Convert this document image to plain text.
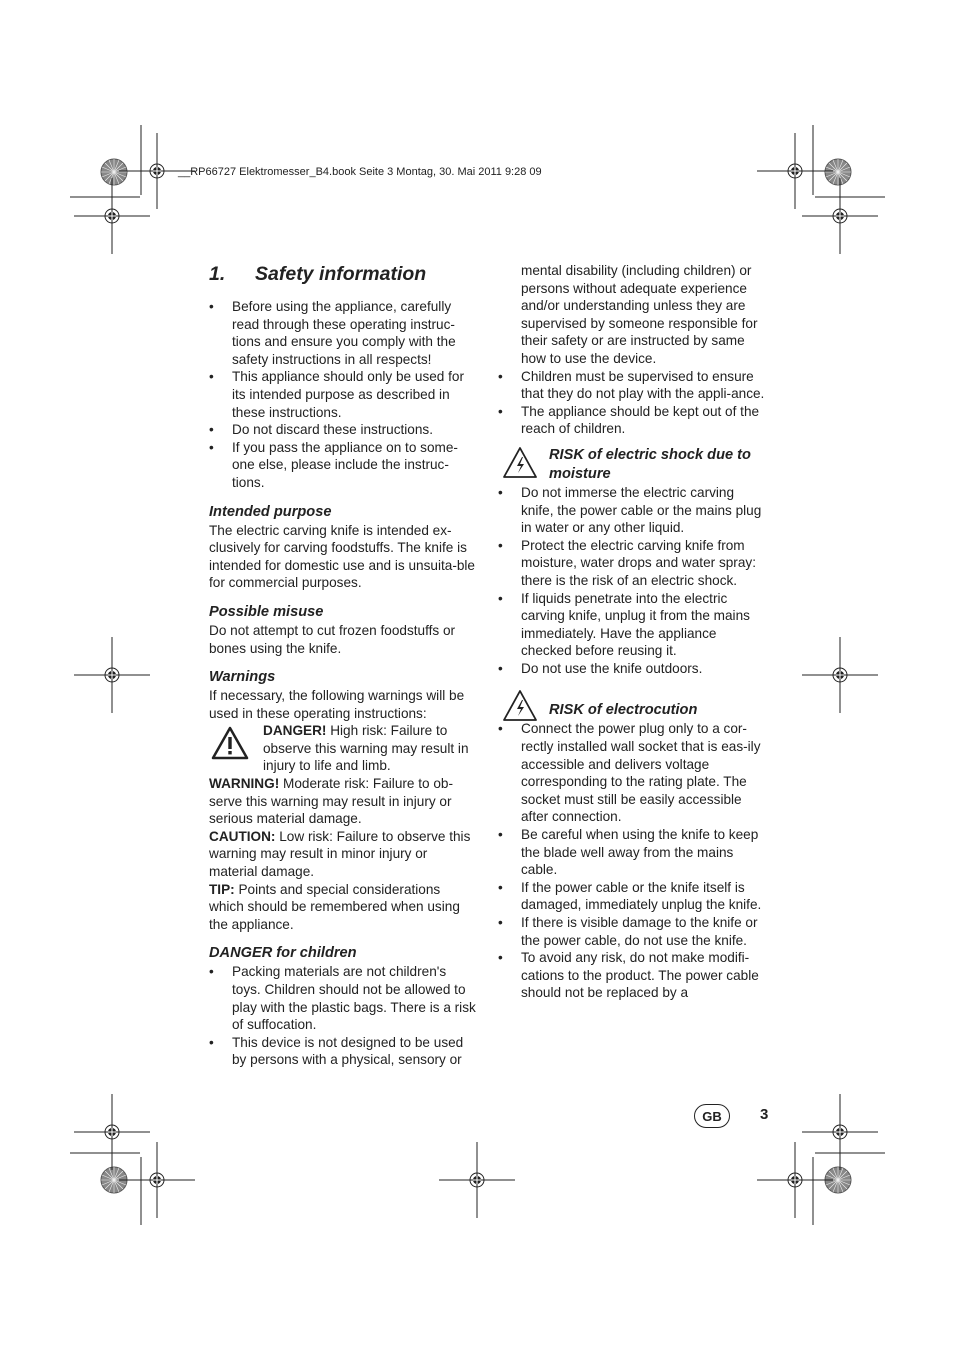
__RP66727 Elektromesser_B4.book Seite 3 Montag, 30. Mai 2011 9:28 09
1. Safety information
• Before using the appliance, carefully read through these operating instruc-tions and ensure you comply with the safety instructions in all respects!
• This appliance should only be used for its intended purpose as described in these instructions.
• Do not discard these instructions.
• If you pass the appliance on to some-one else, please include the instruc-tions.
Intended purpose

The electric carving knife is intended ex-clusively for carving foodstuffs. The knife is intended for domestic use and is unsuita-ble for commercial purposes.

Possible misuse

Do not attempt to cut frozen foodstuffs or bones using the knife.

Warnings

If necessary, the following warnings will be used in these operating instructions:

DANGER! High risk: Failure to observe this warning may result in injury to life and limb.

WARNING! Moderate risk: Failure to ob-serve this warning may result in injury or serious material damage.

CAUTION: Low risk: Failure to observe this warning may result in minor injury or material damage.

TIP: Points and special considerations which should be remembered when using the appliance.

DANGER for children
• Packing materials are not children's toys. Children should not be allowed to play with the plastic bags. There is a risk of suffocation.
• This device is not designed to be used by persons with a physical, sensory or

mental disability (including children) or persons without adequate experience and/or understanding unless they are supervised by someone responsible for their safety or are instructed by same how to use the device.

• Children must be supervised to ensure that they do not play with the appli-ance.
• The appliance should be kept out of the reach of children.
RISK of electric shock due to moisture
• Do not immerse the electric carving knife, the power cable or the mains plug in water or any other liquid.
• Protect the electric carving knife from moisture, water drops and water spray: there is the risk of an electric shock.
• If liquids penetrate into the electric carving knife, unplug it from the mains immediately. Have the appliance checked before reusing it.
• Do not use the knife outdoors.
RISK of electrocution
• Connect the power plug only to a cor-rectly installed wall socket that is eas-ily accessible and delivers voltage corresponding to the rating plate. The socket must still be easily accessible after connection.
• Be careful when using the knife to keep the blade well away from the mains cable.
• If the power cable or the knife itself is damaged, immediately unplug the knife.
• If there is visible damage to the knife or the power cable, do not use the knife.
• To avoid any risk, do not make modifi-cations to the product. The power cable should not be replaced by a
GB	3
